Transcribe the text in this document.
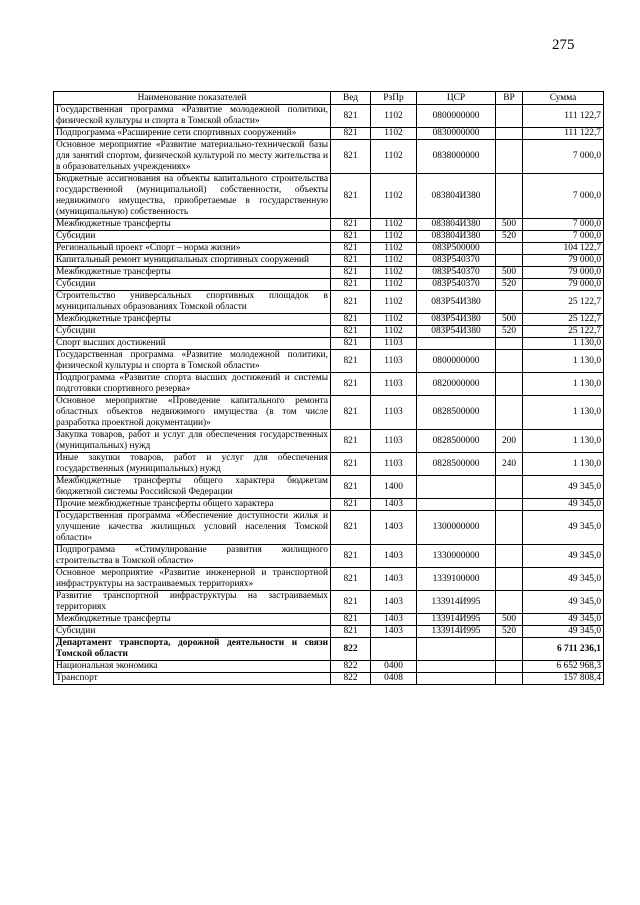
275
Наименование показателей	Вед	РзПр	ЦСР	ВР	Сумма
Государственная программа «Развитие молодежной политики, физической культуры и спорта в Томской области»	821	1102	0800000000		111 122,7
Подпрограмма «Расширение сети спортивных сооружений»	821	1102	0830000000		111 122,7
Основное мероприятие «Развитие материально-технической базы для занятий спортом, физической культурой по месту жительства и в образовательных учреждениях»	821	1102	0838000000		7 000,0
Бюджетные ассигнования на объекты капитального строительства государственной (муниципальной) собственности, объекты недвижимого имущества, приобретаемые в государственную (муниципальную) собственность	821	1102	083804И380		7 000,0
Межбюджетные трансферты	821	1102	083804И380	500	7 000,0
Субсидии	821	1102	083804И380	520	7 000,0
Региональный проект «Спорт – норма жизни»	821	1102	083P500000		104 122,7
Капитальный ремонт муниципальных спортивных сооружений	821	1102	083P540370		79 000,0
Межбюджетные трансферты	821	1102	083P540370	500	79 000,0
Субсидии	821	1102	083P540370	520	79 000,0
Строительство универсальных спортивных площадок в муниципальных образованиях Томской области	821	1102	083P54И380		25 122,7
Межбюджетные трансферты	821	1102	083P54И380	500	25 122,7
Субсидии	821	1102	083P54И380	520	25 122,7
Спорт высших достижений	821	1103			1 130,0
Государственная программа «Развитие молодежной политики, физической культуры и спорта в Томской области»	821	1103	0800000000		1 130,0
Подпрограмма «Развитие спорта высших достижений и системы подготовки спортивного резерва»	821	1103	0820000000		1 130,0
Основное мероприятие «Проведение капитального ремонта областных объектов недвижимого имущества (в том числе разработка проектной документации)»	821	1103	0828500000		1 130,0
Закупка товаров, работ и услуг для обеспечения государственных (муниципальных) нужд	821	1103	0828500000	200	1 130,0
Иные закупки товаров, работ и услуг для обеспечения государственных (муниципальных) нужд	821	1103	0828500000	240	1 130,0
Межбюджетные трансферты общего характера бюджетам бюджетной системы Российской Федерации	821	1400			49 345,0
Прочие межбюджетные трансферты общего характера	821	1403			49 345,0
Государственная программа «Обеспечение доступности жилья и улучшение качества жилищных условий населения Томской области»	821	1403	1300000000		49 345,0
Подпрограмма «Стимулирование развития жилищного строительства в Томской области»	821	1403	1330000000		49 345,0
Основное мероприятие «Развитие инженерной и транспортной инфраструктуры на застраиваемых территориях»	821	1403	1339100000		49 345,0
Развитие транспортной инфраструктуры на застраиваемых территориях	821	1403	133914И995		49 345,0
Межбюджетные трансферты	821	1403	133914И995	500	49 345,0
Субсидии	821	1403	133914И995	520	49 345,0
Департамент транспорта, дорожной деятельности и связи Томской области	822				6 711 236,1
Национальная экономика	822	0400			6 652 968,3
Транспорт	822	0408			157 808,4
